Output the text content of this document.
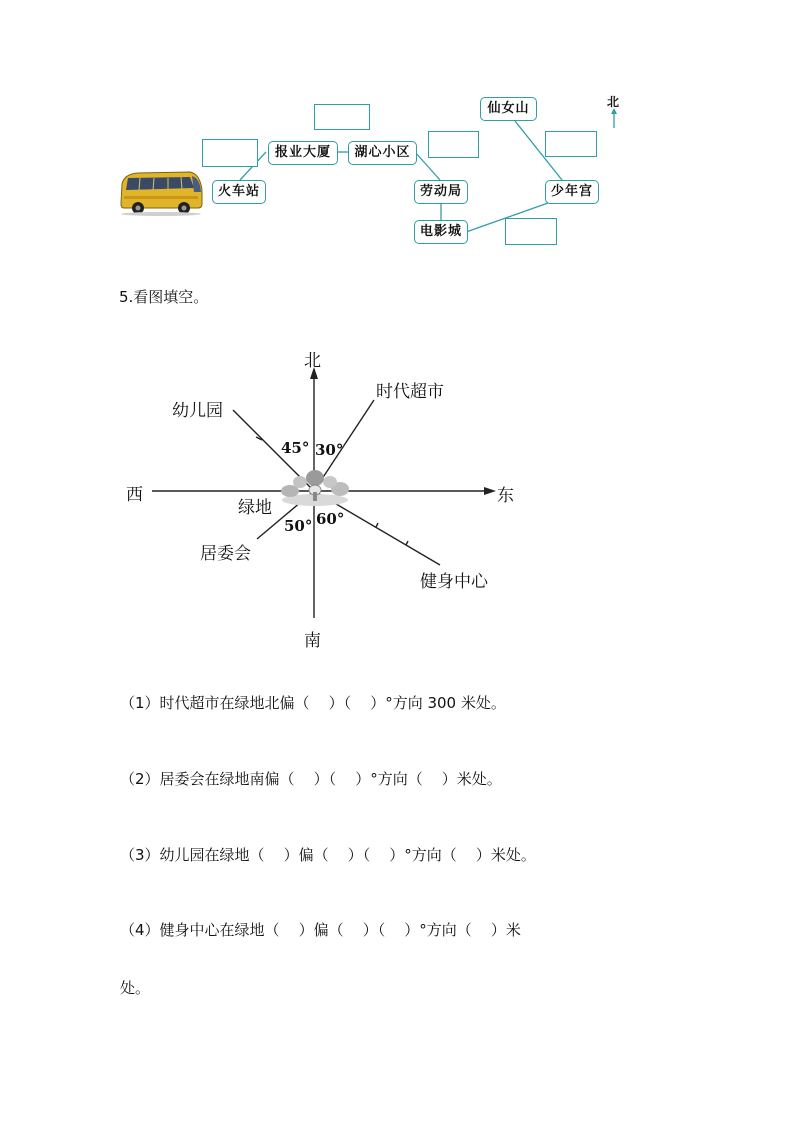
火车站
报业大厦	湖心小区
劳动局
电影城
少年宫
仙女山	北
5.看图填空。
北
南
东
西
绿地
时代超市
幼儿园
居委会
健身中心
45° 30°
50° 60°
（1）时代超市在绿地北偏（    ）（    ）°方向 300 米处。
（2）居委会在绿地南偏（    ）（    ）°方向（    ）米处。
（3）幼儿园在绿地（    ）偏（    ）（    ）°方向（    ）米处。
（4）健身中心在绿地（    ）偏（    ）（    ）°方向（    ）米
处。
